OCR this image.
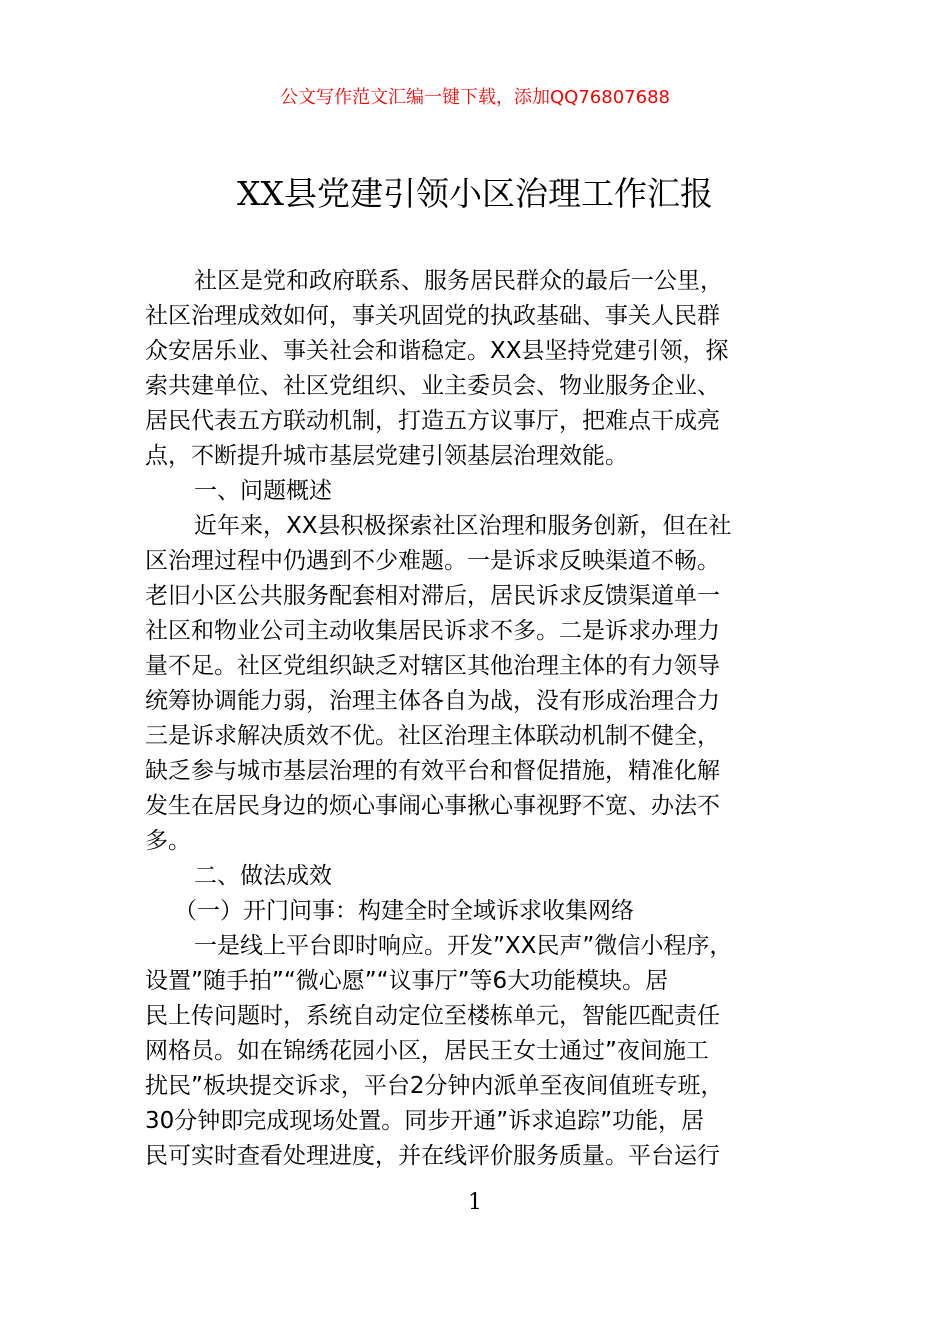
公文写作范文汇编一键下载，添加QQ76807688
XX县党建引领小区治理工作汇报
社区是党和政府联系、服务居民群众的最后一公里，
社区治理成效如何，事关巩固党的执政基础、事关人民群
众安居乐业、事关社会和谐稳定。XX县坚持党建引领，探
索共建单位、社区党组织、业主委员会、物业服务企业、
居民代表五方联动机制，打造五方议事厅，把难点干成亮
点，不断提升城市基层党建引领基层治理效能。
一、问题概述
近年来，XX县积极探索社区治理和服务创新，但在社
区治理过程中仍遇到不少难题。一是诉求反映渠道不畅。
老旧小区公共服务配套相对滞后，居民诉求反馈渠道单一
社区和物业公司主动收集居民诉求不多。二是诉求办理力
量不足。社区党组织缺乏对辖区其他治理主体的有力领导
统筹协调能力弱，治理主体各自为战，没有形成治理合力
三是诉求解决质效不优。社区治理主体联动机制不健全，
缺乏参与城市基层治理的有效平台和督促措施，精准化解
发生在居民身边的烦心事闹心事揪心事视野不宽、办法不
多。
二、做法成效
（一）开门问事：构建全时全域诉求收集网络
一是线上平台即时响应。开发”XX民声”微信小程序，
设置”随手拍”“微心愿”“议事厅”等6大功能模块。居
民上传问题时，系统自动定位至楼栋单元，智能匹配责任
网格员。如在锦绣花园小区，居民王女士通过”夜间施工
扰民”板块提交诉求，平台2分钟内派单至夜间值班专班，
30分钟即完成现场处置。同步开通”诉求追踪”功能，居
民可实时查看处理进度，并在线评价服务质量。平台运行
1
